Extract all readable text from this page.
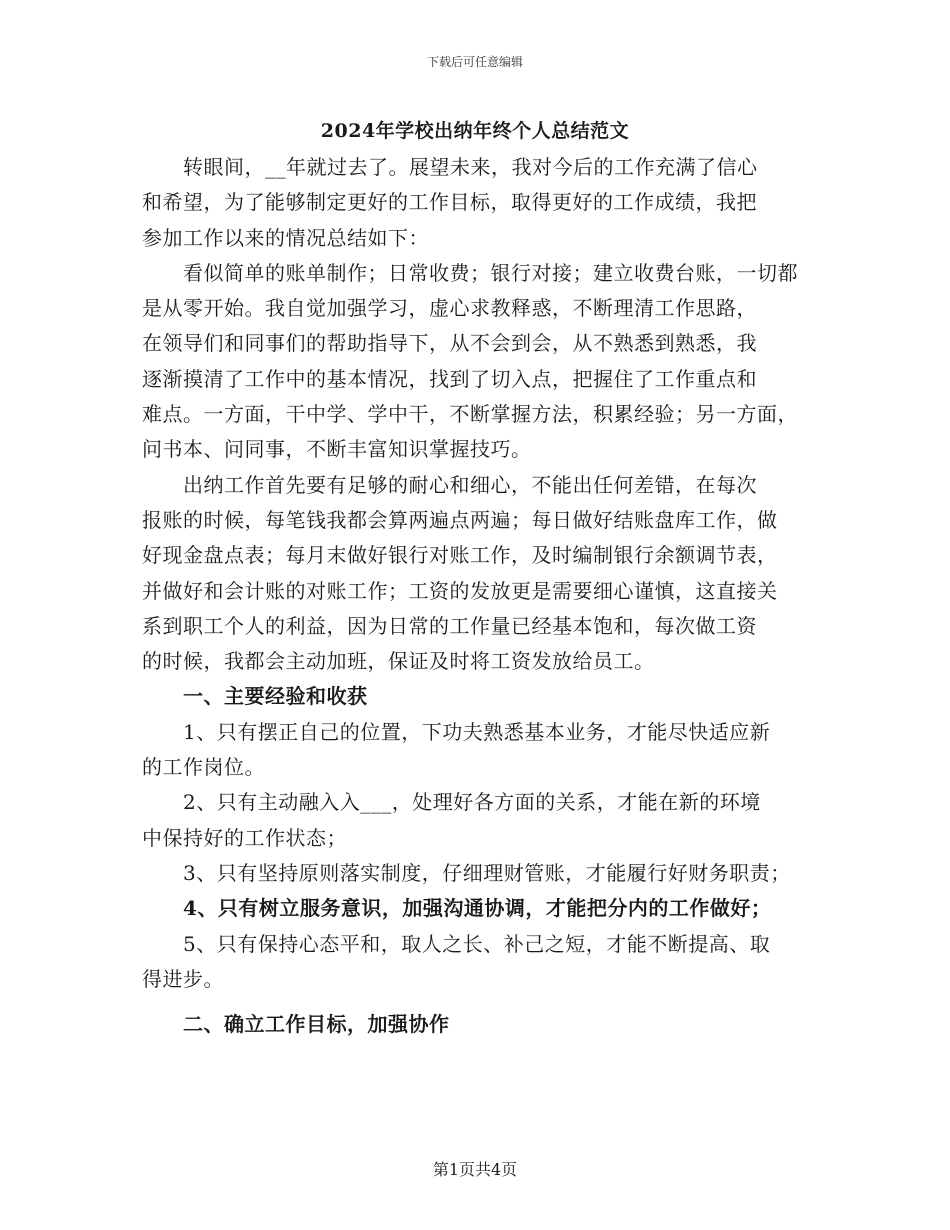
下载后可任意编辑
2024年学校出纳年终个人总结范文

　　转眼间，__年就过去了。展望未来，我对今后的工作充满了信心
和希望，为了能够制定更好的工作目标，取得更好的工作成绩，我把
参加工作以来的情况总结如下：

　　看似简单的账单制作；日常收费；银行对接；建立收费台账，一切都
是从零开始。我自觉加强学习，虚心求教释惑，不断理清工作思路，
在领导们和同事们的帮助指导下，从不会到会，从不熟悉到熟悉，我
逐渐摸清了工作中的基本情况，找到了切入点，把握住了工作重点和
难点。一方面，干中学、学中干，不断掌握方法，积累经验；另一方面，
问书本、问同事，不断丰富知识掌握技巧。

　　出纳工作首先要有足够的耐心和细心，不能出任何差错，在每次
报账的时候，每笔钱我都会算两遍点两遍；每日做好结账盘库工作，做
好现金盘点表；每月末做好银行对账工作，及时编制银行余额调节表，
并做好和会计账的对账工作；工资的发放更是需要细心谨慎，这直接关
系到职工个人的利益，因为日常的工作量已经基本饱和，每次做工资
的时候，我都会主动加班，保证及时将工资发放给员工。

　　一、主要经验和收获

　　1、只有摆正自己的位置，下功夫熟悉基本业务，才能尽快适应新
的工作岗位。

　　2、只有主动融入入___，处理好各方面的关系，才能在新的环境
中保持好的工作状态；

　　3、只有坚持原则落实制度，仔细理财管账，才能履行好财务职责；

　　4、只有树立服务意识，加强沟通协调，才能把分内的工作做好；

　　5、只有保持心态平和，取人之长、补己之短，才能不断提高、取
得进步。

　　二、确立工作目标，加强协作

第1页共4页
